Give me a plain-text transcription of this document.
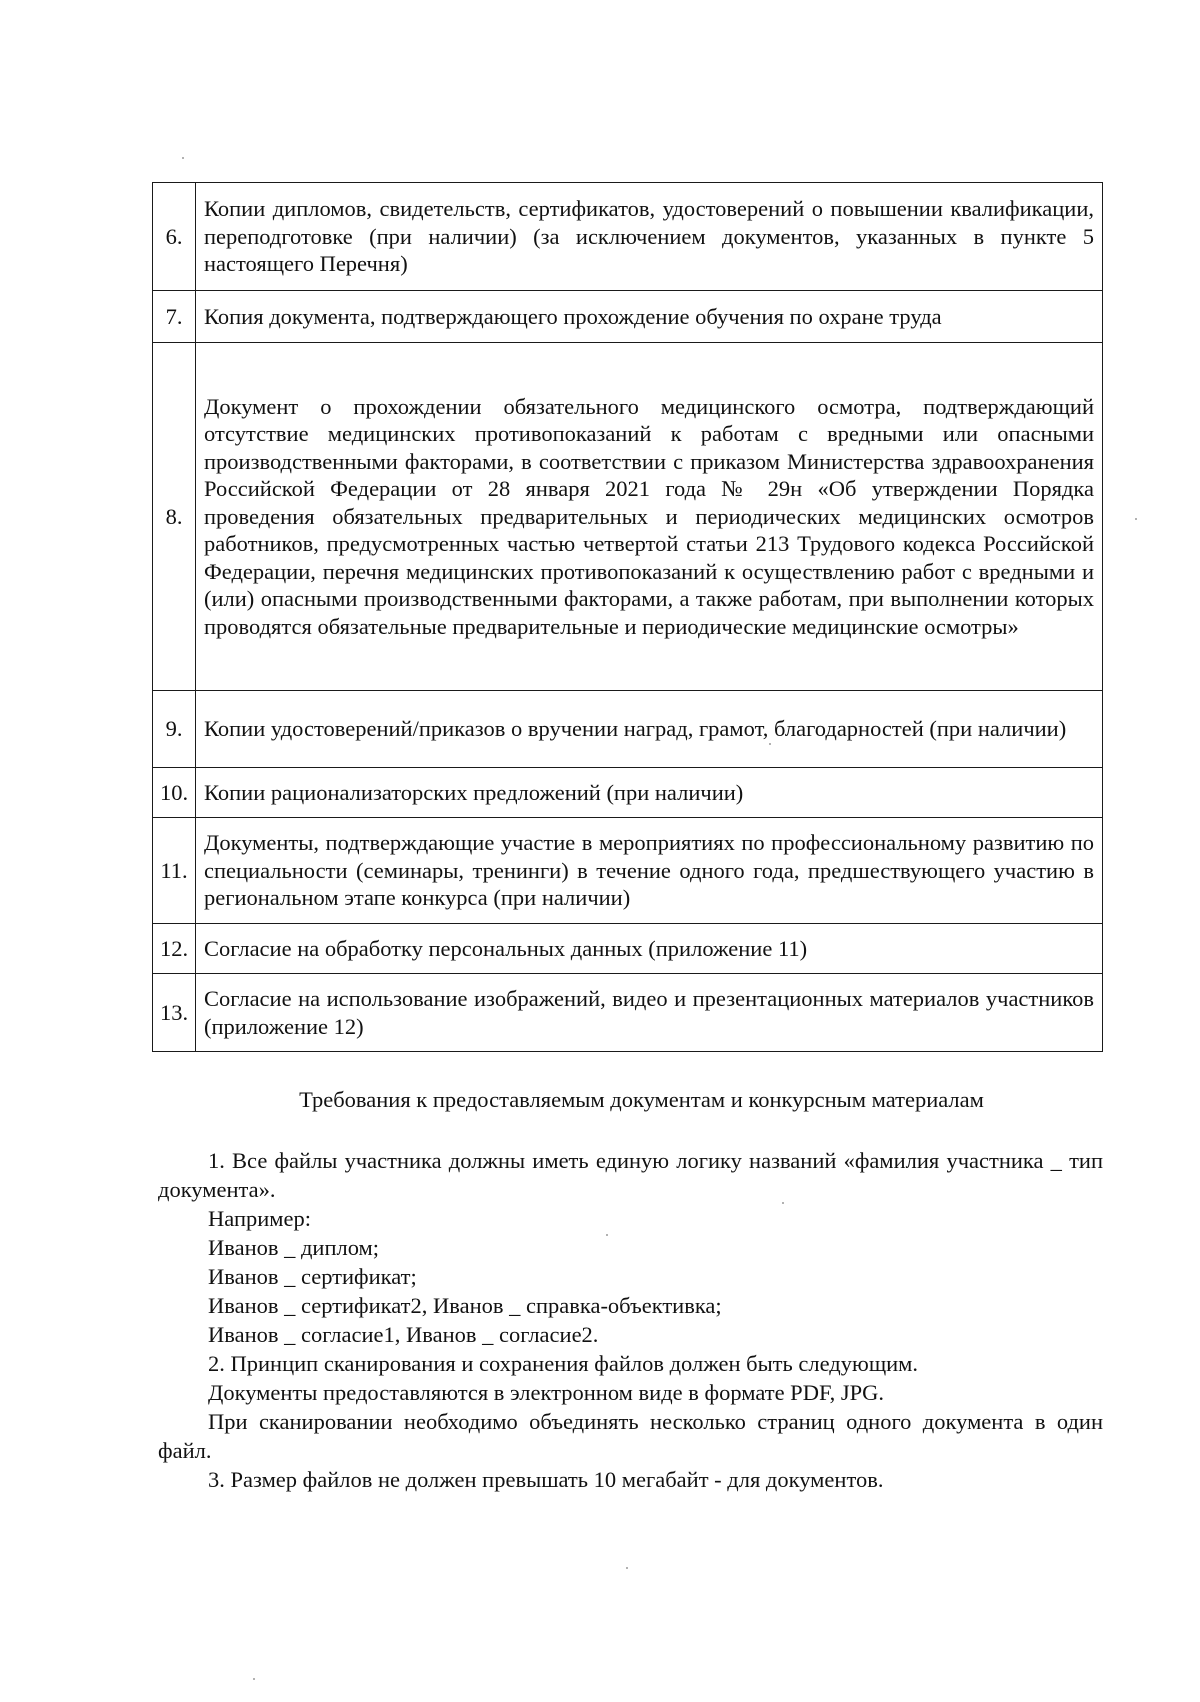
6.	Копии дипломов, свидетельств, сертификатов, удостоверений о повышении квалификации, переподготовке (при наличии) (за исключением документов, указанных в пункте 5 настоящего Перечня)
7.	Копия документа, подтверждающего прохождение обучения по охране труда
8.	Документ о прохождении обязательного медицинского осмотра, подтверждающий отсутствие медицинских противопоказаний к работам с вредными или опасными производственными факторами, в соответствии с приказом Министерства здравоохранения Российской Федерации от 28 января 2021 года № 29н «Об утверждении Порядка проведения обязательных предварительных и периодических медицинских осмотров работников, предусмотренных частью четвертой статьи 213 Трудового кодекса Российской Федерации, перечня медицинских противопоказаний к осуществлению работ с вредными и (или) опасными производственными факторами, а также работам, при выполнении которых проводятся обязательные предварительные и периодические медицинские осмотры»
9.	Копии удостоверений/приказов о вручении наград, грамот, благодарностей (при наличии)
10.	Копии рационализаторских предложений (при наличии)
11.	Документы, подтверждающие участие в мероприятиях по профессиональному развитию по специальности (семинары, тренинги) в течение одного года, предшествующего участию в региональном этапе конкурса (при наличии)
12.	Согласие на обработку персональных данных (приложение 11)
13.	Согласие на использование изображений, видео и презентационных материалов участников (приложение 12)
Требования к предоставляемым документам и конкурсным материалам

1. Все файлы участника должны иметь единую логику названий «фамилия участника _ тип документа».

Например:

Иванов _ диплом;

Иванов _ сертификат;

Иванов _ сертификат2, Иванов _ справка-объективка;

Иванов _ согласие1, Иванов _ согласие2.

2. Принцип сканирования и сохранения файлов должен быть следующим.

Документы предоставляются в электронном виде в формате PDF, JPG.

При сканировании необходимо объединять несколько страниц одного документа в один файл.

3. Размер файлов не должен превышать 10 мегабайт - для документов.
